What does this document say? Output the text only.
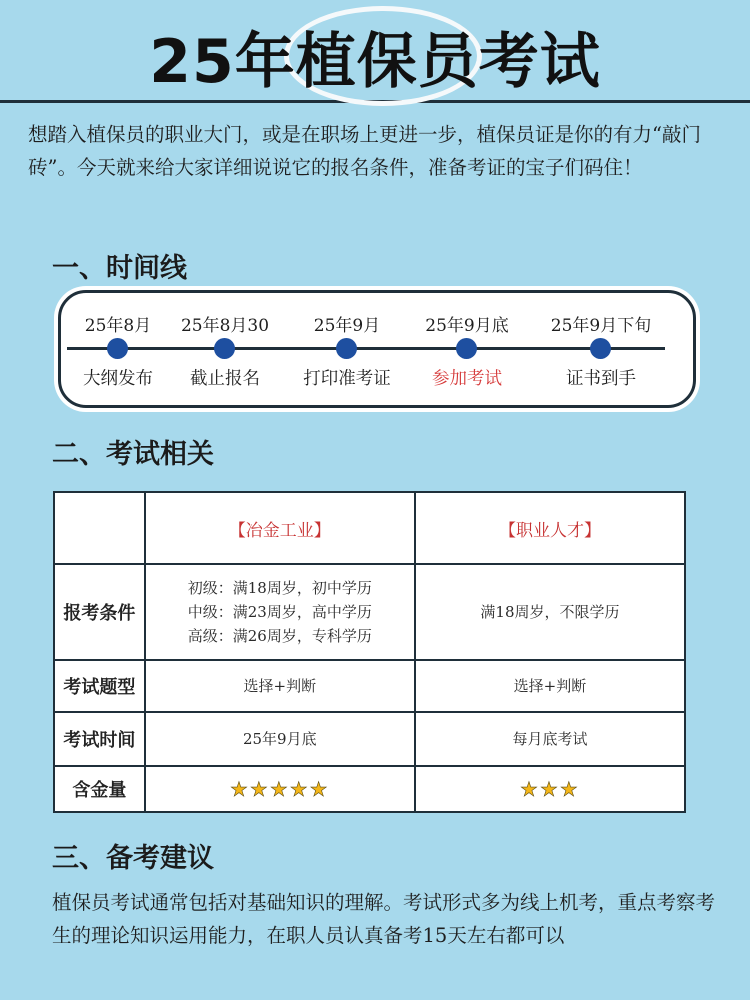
25年植保员考试
想踏入植保员的职业大门，或是在职场上更进一步，植保员证是你的有力“敲门砖”。今天就来给大家详细说说它的报名条件，准备考证的宝子们码住！
一、时间线
25年8月
大纲发布
25年8月30
截止报名
25年9月
打印准考证
25年9月底
参加考试
25年9月下旬
证书到手
二、考试相关
	【冶金工业】	【职业人才】
报考条件	初级：满18周岁，初中学历
中级：满23周岁，高中学历
高级：满26周岁，专科学历	满18周岁，不限学历
考试题型	选择+判断	选择+判断
考试时间	25年9月底	每月底考试
含金量	★★★★★	★★★
三、备考建议
植保员考试通常包括对基础知识的理解。考试形式多为线上机考，重点考察考生的理论知识运用能力，在职人员认真备考15天左右都可以
